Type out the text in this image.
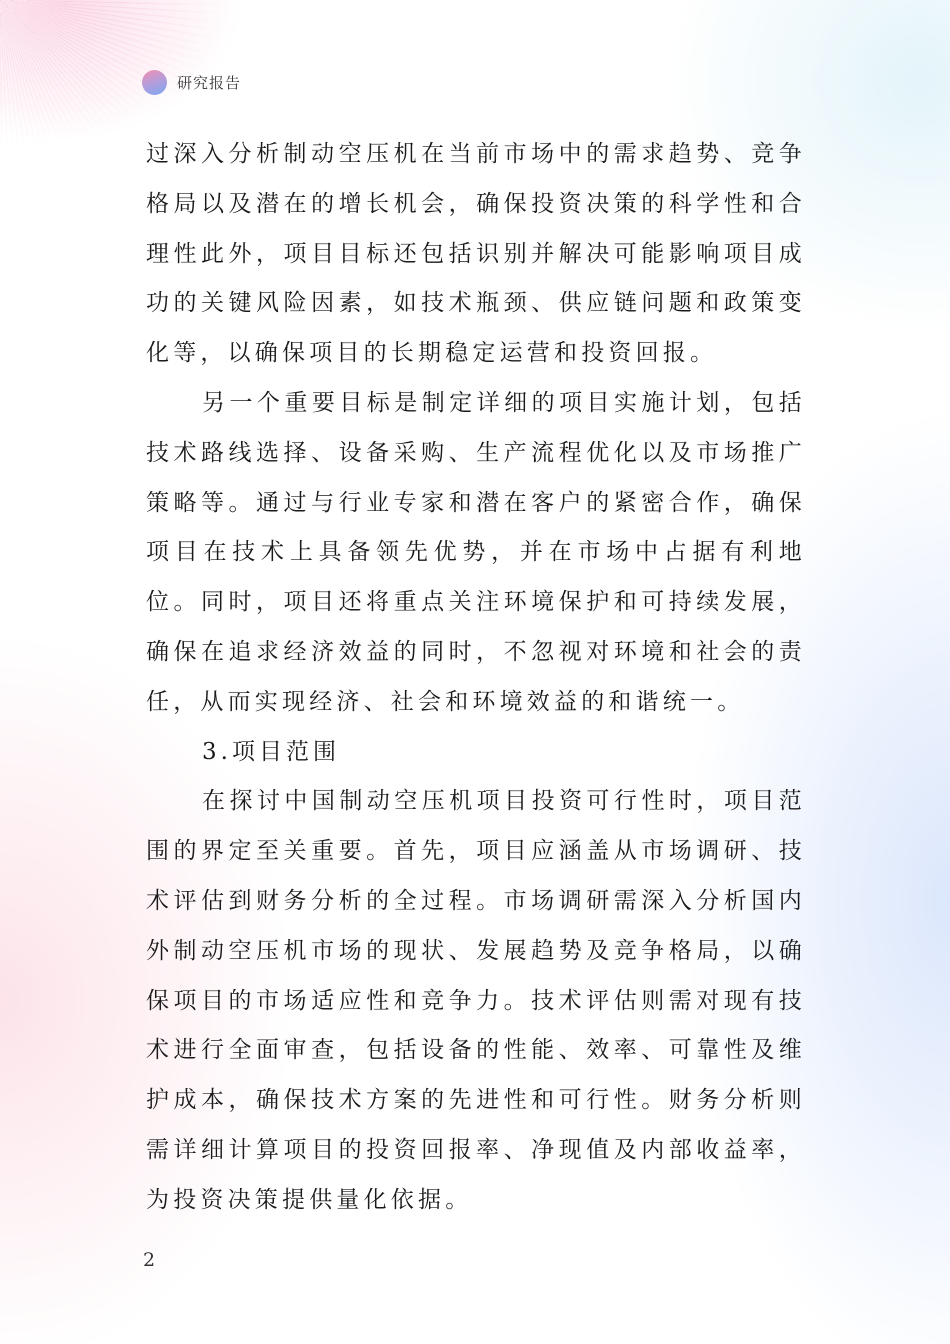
研究报告

过深入分析制动空压机在当前市场中的需求趋势、竞争格局以及潜在的增长机会，确保投资决策的科学性和合理性此外，项目目标还包括识别并解决可能影响项目成功的关键风险因素，如技术瓶颈、供应链问题和政策变化等，以确保项目的长期稳定运营和投资回报。

另一个重要目标是制定详细的项目实施计划，包括技术路线选择、设备采购、生产流程优化以及市场推广策略等。通过与行业专家和潜在客户的紧密合作，确保项目在技术上具备领先优势，并在市场中占据有利地位。同时，项目还将重点关注环境保护和可持续发展，确保在追求经济效益的同时，不忽视对环境和社会的责任，从而实现经济、社会和环境效益的和谐统一。

3.项目范围

在探讨中国制动空压机项目投资可行性时，项目范围的界定至关重要。首先，项目应涵盖从市场调研、技术评估到财务分析的全过程。市场调研需深入分析国内外制动空压机市场的现状、发展趋势及竞争格局，以确保项目的市场适应性和竞争力。技术评估则需对现有技术进行全面审查，包括设备的性能、效率、可靠性及维护成本，确保技术方案的先进性和可行性。财务分析则需详细计算项目的投资回报率、净现值及内部收益率，为投资决策提供量化依据。

2
